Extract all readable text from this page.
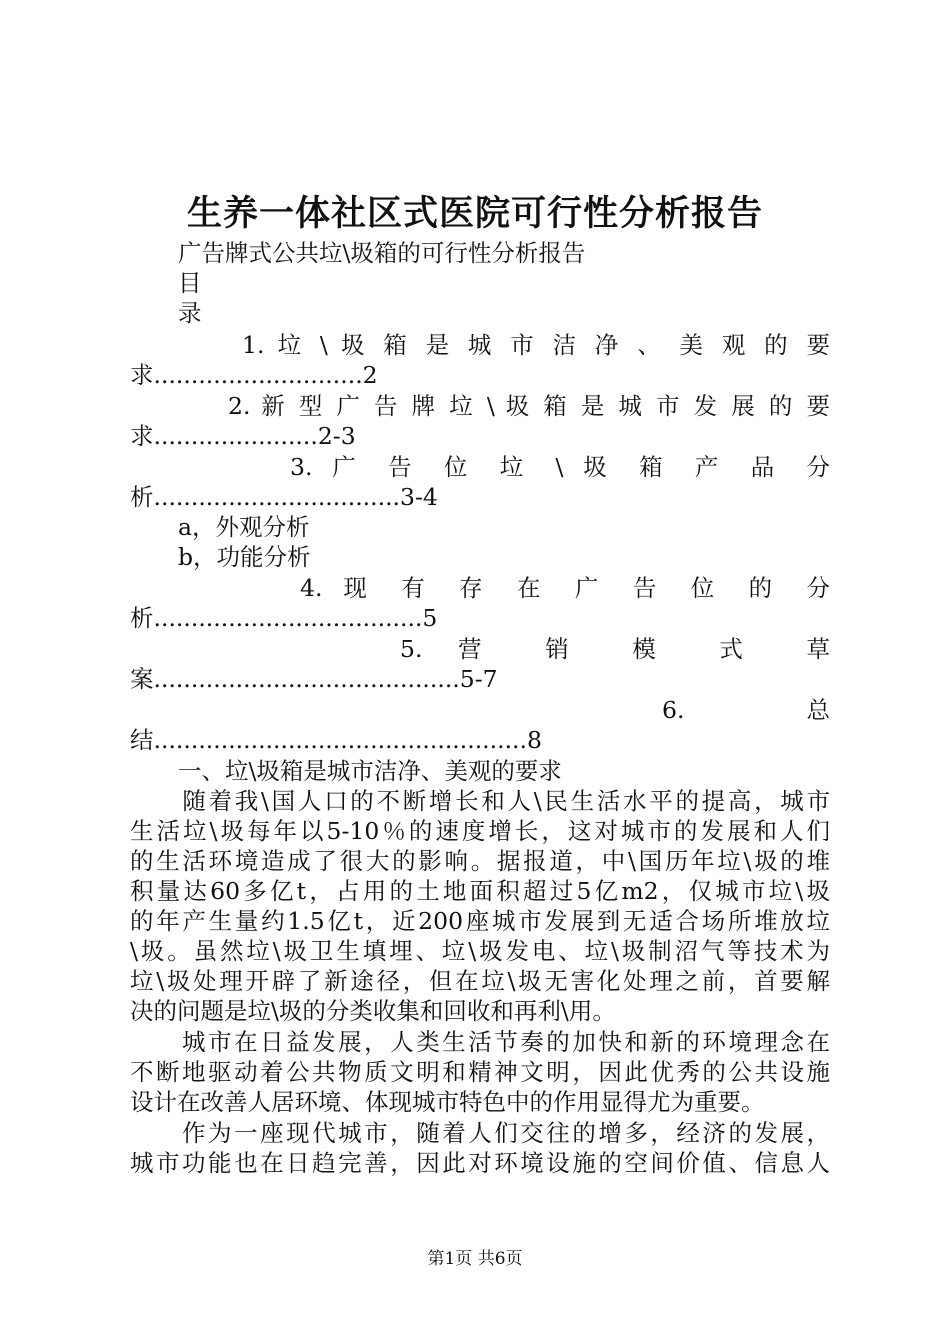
生养一体社区式医院可行性分析报告
广告牌式公共垃\圾箱的可行性分析报告
目
录
1. 垃 \ 圾 箱 是 城 市 洁 净 、 美 观 的 要
求............................2
2. 新 型 广 告 牌 垃 \ 圾 箱 是 城 市 发 展 的 要
求......................2-3
3. 广 告 位 垃 \ 圾 箱 产 品 分
析.................................3-4
a，外观分析
b，功能分析
4. 现 有 存 在 广 告 位 的 分
析....................................5
5. 营 销 模 式 草
案.........................................5-7
6. 总
结..................................................8
一、垃\圾箱是城市洁净、美观的要求
　　随着我\国人口的不断增长和人\民生活水平的提高，城市
生活垃\圾每年以5-10％的速度增长，这对城市的发展和人们
的生活环境造成了很大的影响。据报道，中\国历年垃\圾的堆
积量达60多亿t，占用的土地面积超过5亿m2，仅城市垃\圾
的年产生量约1.5亿t，近200座城市发展到无适合场所堆放垃
\圾。虽然垃\圾卫生填埋、垃\圾发电、垃\圾制沼气等技术为
垃\圾处理开辟了新途径，但在垃\圾无害化处理之前，首要解
决的问题是垃\圾的分类收集和回收和再利\用。
　　城市在日益发展，人类生活节奏的加快和新的环境理念在
不断地驱动着公共物质文明和精神文明，因此优秀的公共设施
设计在改善人居环境、体现城市特色中的作用显得尤为重要。
　　作为一座现代城市，随着人们交往的增多，经济的发展，
城市功能也在日趋完善，因此对环境设施的空间价值、信息人
第1页 共6页
